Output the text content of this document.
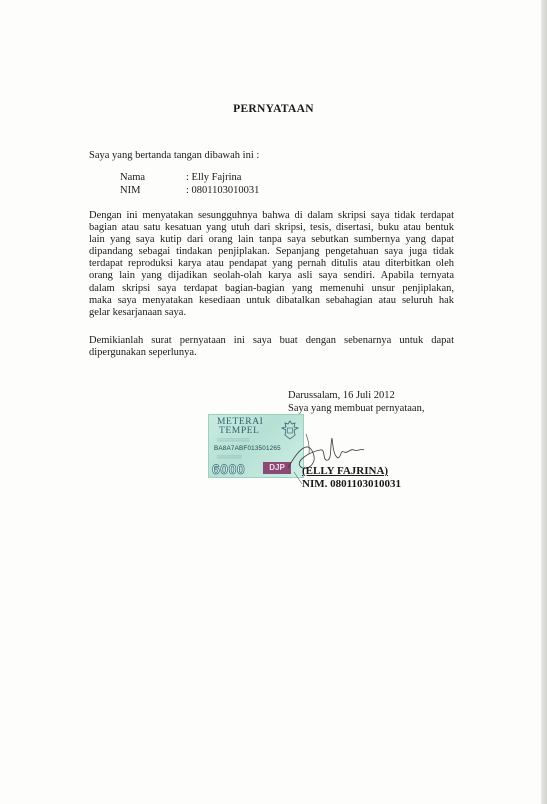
PERNYATAAN
Saya yang bertanda tangan dibawah ini :
Nama	: Elly Fajrina
NIM	: 0801103010031
Dengan ini menyatakan sesungguhnya bahwa di dalam skripsi saya tidak terdapat
bagian atau satu kesatuan yang utuh dari skripsi, tesis, disertasi, buku atau bentuk
lain yang saya kutip dari orang lain tanpa saya sebutkan sumbernya yang dapat
dipandang sebagai tindakan penjiplakan. Sepanjang pengetahuan saya juga tidak
terdapat reproduksi karya atau pendapat yang pernah ditulis atau diterbitkan oleh
orang lain yang dijadikan seolah-olah karya asli saya sendiri. Apabila ternyata
dalam skripsi saya terdapat bagian-bagian yang memenuhi unsur penjiplakan,
maka saya menyatakan kesediaan untuk dibatalkan sebahagian atau seluruh hak
gelar kesarjanaan saya.
Demikianlah surat pernyataan ini saya buat dengan sebenarnya untuk dapat
dipergunakan seperlunya.
Darussalam, 16 Juli 2012
Saya yang membuat pernyataan,
METERAI
TEMPEL
░░░░░░░░░░░░░
BA8A7ABF013501265
░░░░░░░░░░
6000	DJP	(ELLY FAJRINA)
NIM. 0801103010031
